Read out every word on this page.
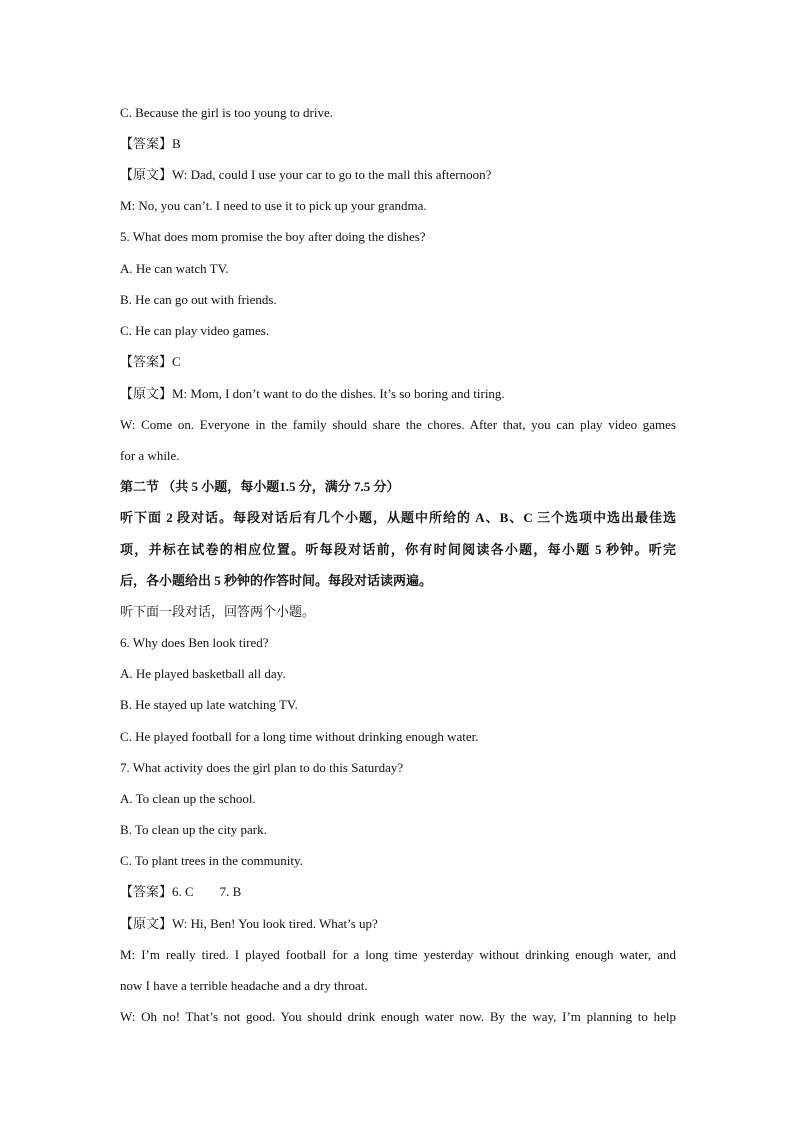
C. Because the girl is too young to drive.
【答案】B
【原文】W: Dad, could I use your car to go to the mall this afternoon?
M: No, you can’t. I need to use it to pick up your grandma.
5. What does mom promise the boy after doing the dishes?
A. He can watch TV.
B. He can go out with friends.
C. He can play video games.
【答案】C
【原文】M: Mom, I don’t want to do the dishes. It’s so boring and tiring.
W: Come on. Everyone in the family should share the chores. After that, you can play video games
for a while.
第二节 （共 5 小题，每小题1.5 分，满分 7.5 分）
听下面 2 段对话。每段对话后有几个小题，从题中所给的 A、B、C 三个选项中选出最佳选
项，并标在试卷的相应位置。听每段对话前，你有时间阅读各小题，每小题 5 秒钟。听完
后，各小题给出 5 秒钟的作答时间。每段对话读两遍。
听下面一段对话，回答两个小题。
6. Why does Ben look tired?
A. He played basketball all day.
B. He stayed up late watching TV.
C. He played football for a long time without drinking enough water.
7. What activity does the girl plan to do this Saturday?
A. To clean up the school.
B. To clean up the city park.
C. To plant trees in the community.
【答案】6. C        7. B
【原文】W: Hi, Ben! You look tired. What’s up?
M: I’m really tired. I played football for a long time yesterday without drinking enough water, and
now I have a terrible headache and a dry throat.
W: Oh no! That’s not good. You should drink enough water now. By the way, I’m planning to help
